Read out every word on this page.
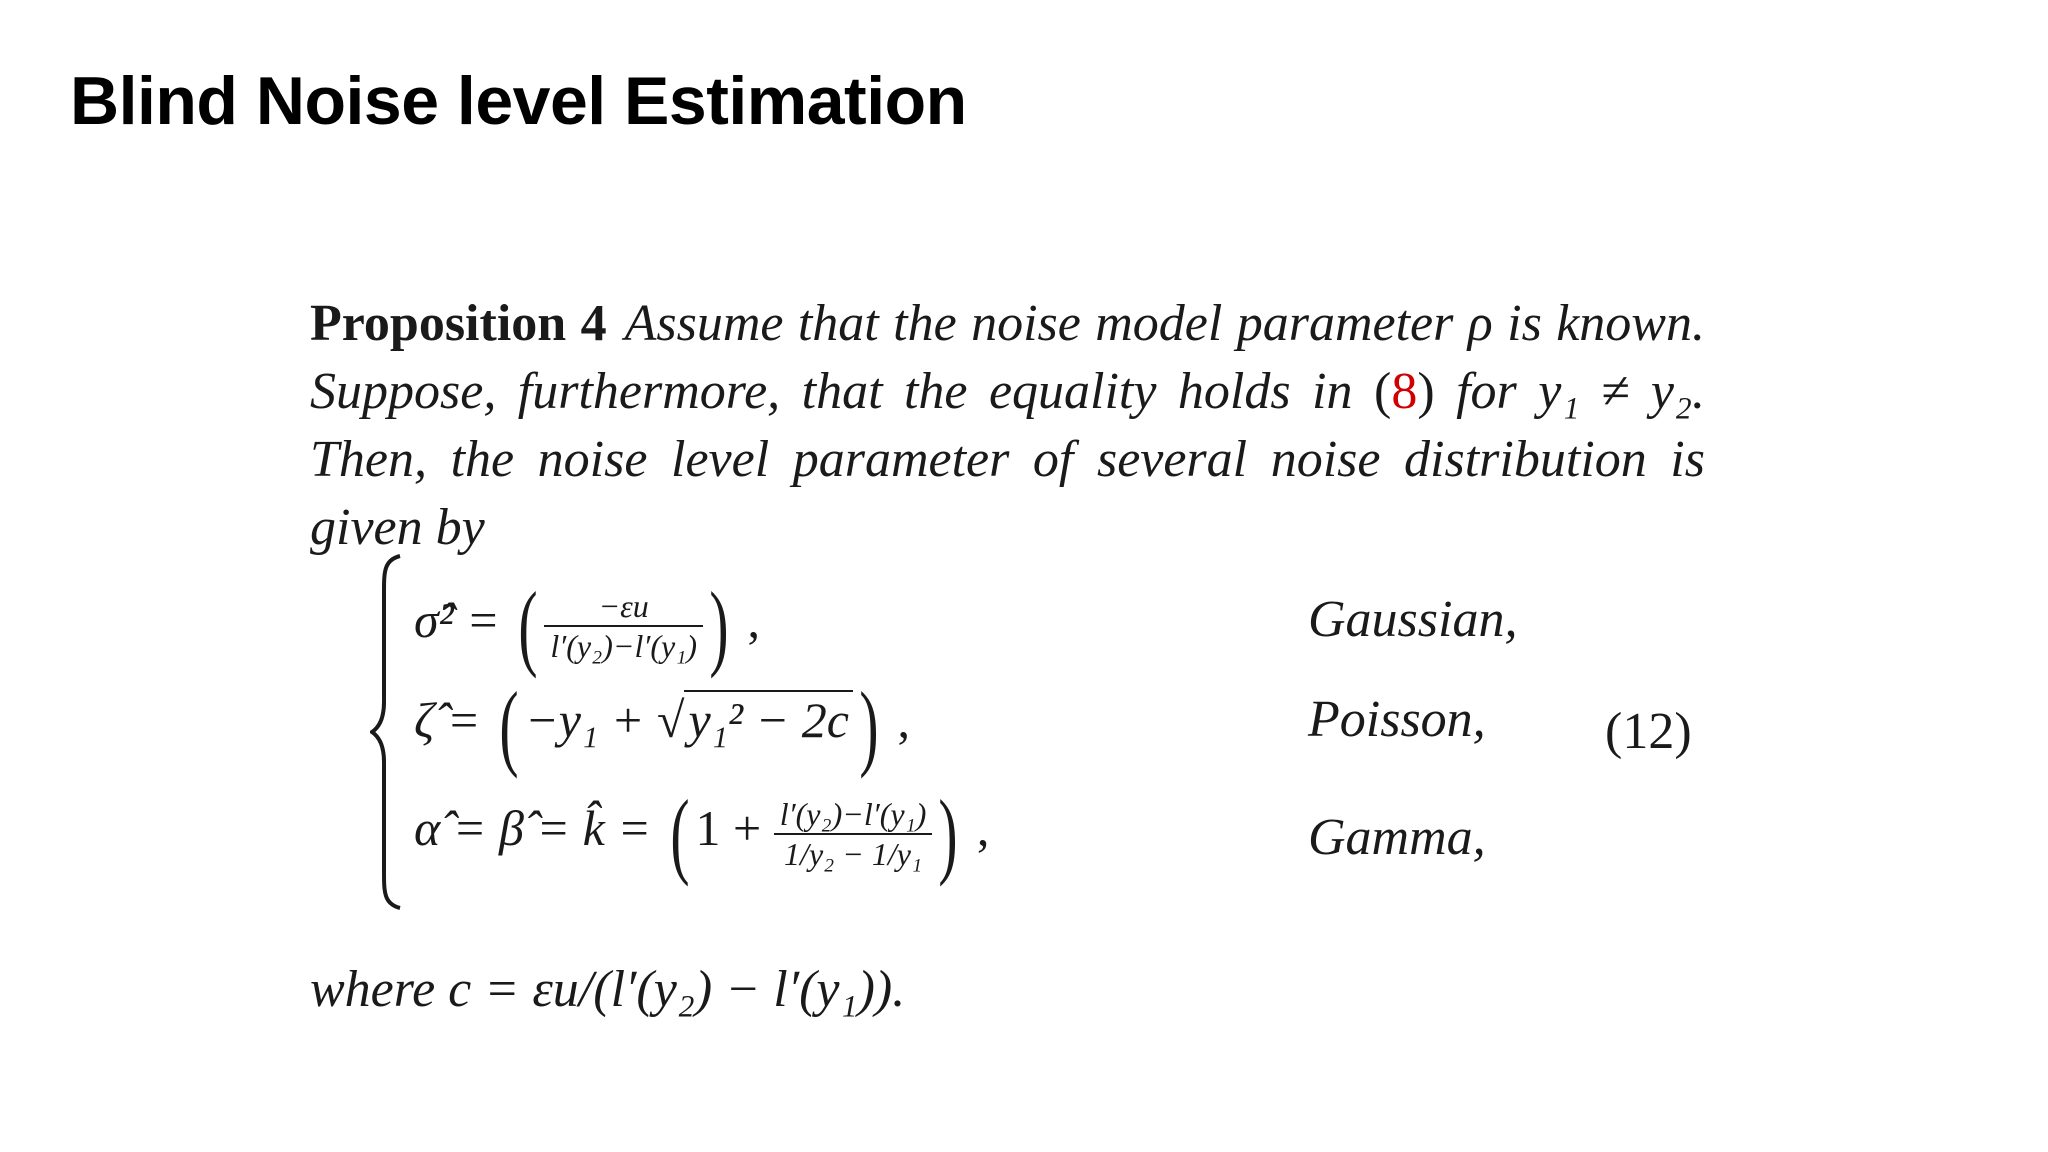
Blind Noise level Estimation

Proposition 4 Assume that the noise model parameter ρ is known. Suppose, furthermore, that the equality holds in (8) for y₁ ≠ y₂. Then, the noise level parameter of several noise distribution is given by

σ̂² = ( $\frac{-\varepsilon u}{\text{l′(y₂)−l′(y₁)}}$ ) ,	Gaussian,
ζ̂ = ( −y₁ + √y₁² − 2c ) ,	Poisson,
α̂ = β̂ = k̂ = ( $1 + \frac{\text{l′(y₂)−l′(y₁)}}{\text{1/y₂ − 1/y₁}}$ ) ,	Gamma,
(12)
where c = εu/(l′(y₂) − l′(y₁)).
